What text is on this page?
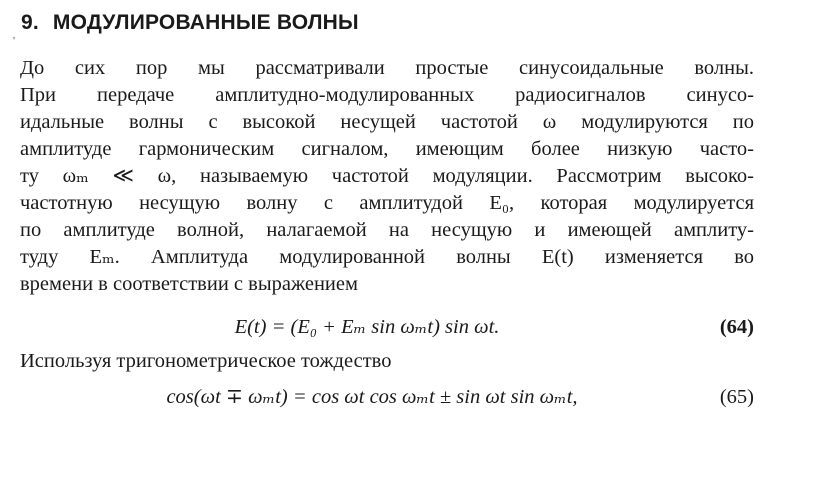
9. МОДУЛИРОВАННЫЕ ВОЛНЫ
'
До сих пор мы рассматривали простые синусоидальные волны.
При передаче амплитудно-модулированных радиосигналов синусо-
идальные волны с высокой несущей частотой ω модулируются по
амплитуде гармоническим сигналом, имеющим более низкую часто-
ту ωₘ ≪ ω, называемую частотой модуляции. Рассмотрим высоко-
частотную несущую волну с амплитудой E₀, которая модулируется
по амплитуде волной, налагаемой на несущую и имеющей амплиту-
туду Eₘ. Амплитуда модулированной волны E(t) изменяется во
времени в соответствии с выражением
E(t) = (E₀ + Eₘ sin ωₘt) sin ωt.	(64)
Используя тригонометрическое тождество
cos(ωt ∓ ωₘt) = cos ωt cos ωₘt ± sin ωt sin ωₘt,	(65)
